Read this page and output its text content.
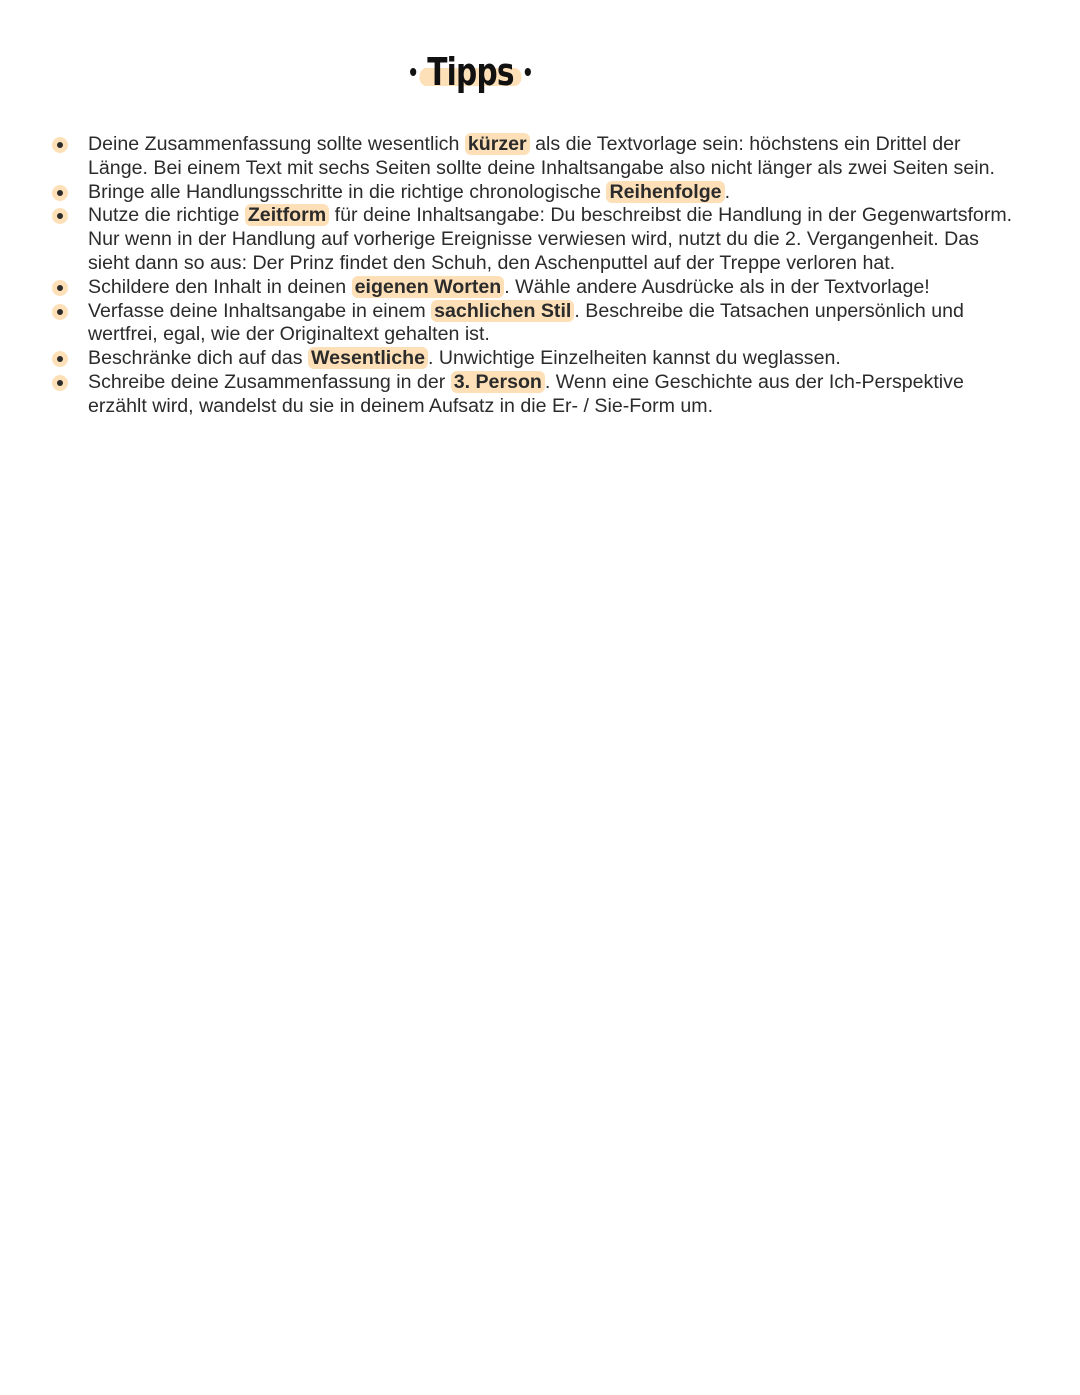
Tipps
Deine Zusammenfassung sollte wesentlich kürzer als die Textvorlage sein: höchstens ein Drittel der Länge. Bei einem Text mit sechs Seiten sollte deine Inhaltsangabe also nicht länger als zwei Seiten sein.
Bringe alle Handlungsschritte in die richtige chronologische Reihenfolge .
Nutze die richtige Zeitform für deine Inhaltsangabe: Du beschreibst die Handlung in der Gegenwartsform. Nur wenn in der Handlung auf vorherige Ereignisse verwiesen wird, nutzt du die 2. Vergangenheit. Das sieht dann so aus: Der Prinz findet den Schuh, den Aschenputtel auf der Treppe verloren hat.
Schildere den Inhalt in deinen eigenen Worten . Wähle andere Ausdrücke als in der Textvorlage!
Verfasse deine Inhaltsangabe in einem sachlichen Stil . Beschreibe die Tatsachen unpersönlich und wertfrei, egal, wie der Originaltext gehalten ist.
Beschränke dich auf das Wesentliche . Unwichtige Einzelheiten kannst du weglassen.
Schreibe deine Zusammenfassung in der 3. Person . Wenn eine Geschichte aus der Ich-Perspektive erzählt wird, wandelst du sie in deinem Aufsatz in die Er- / Sie-Form um.
